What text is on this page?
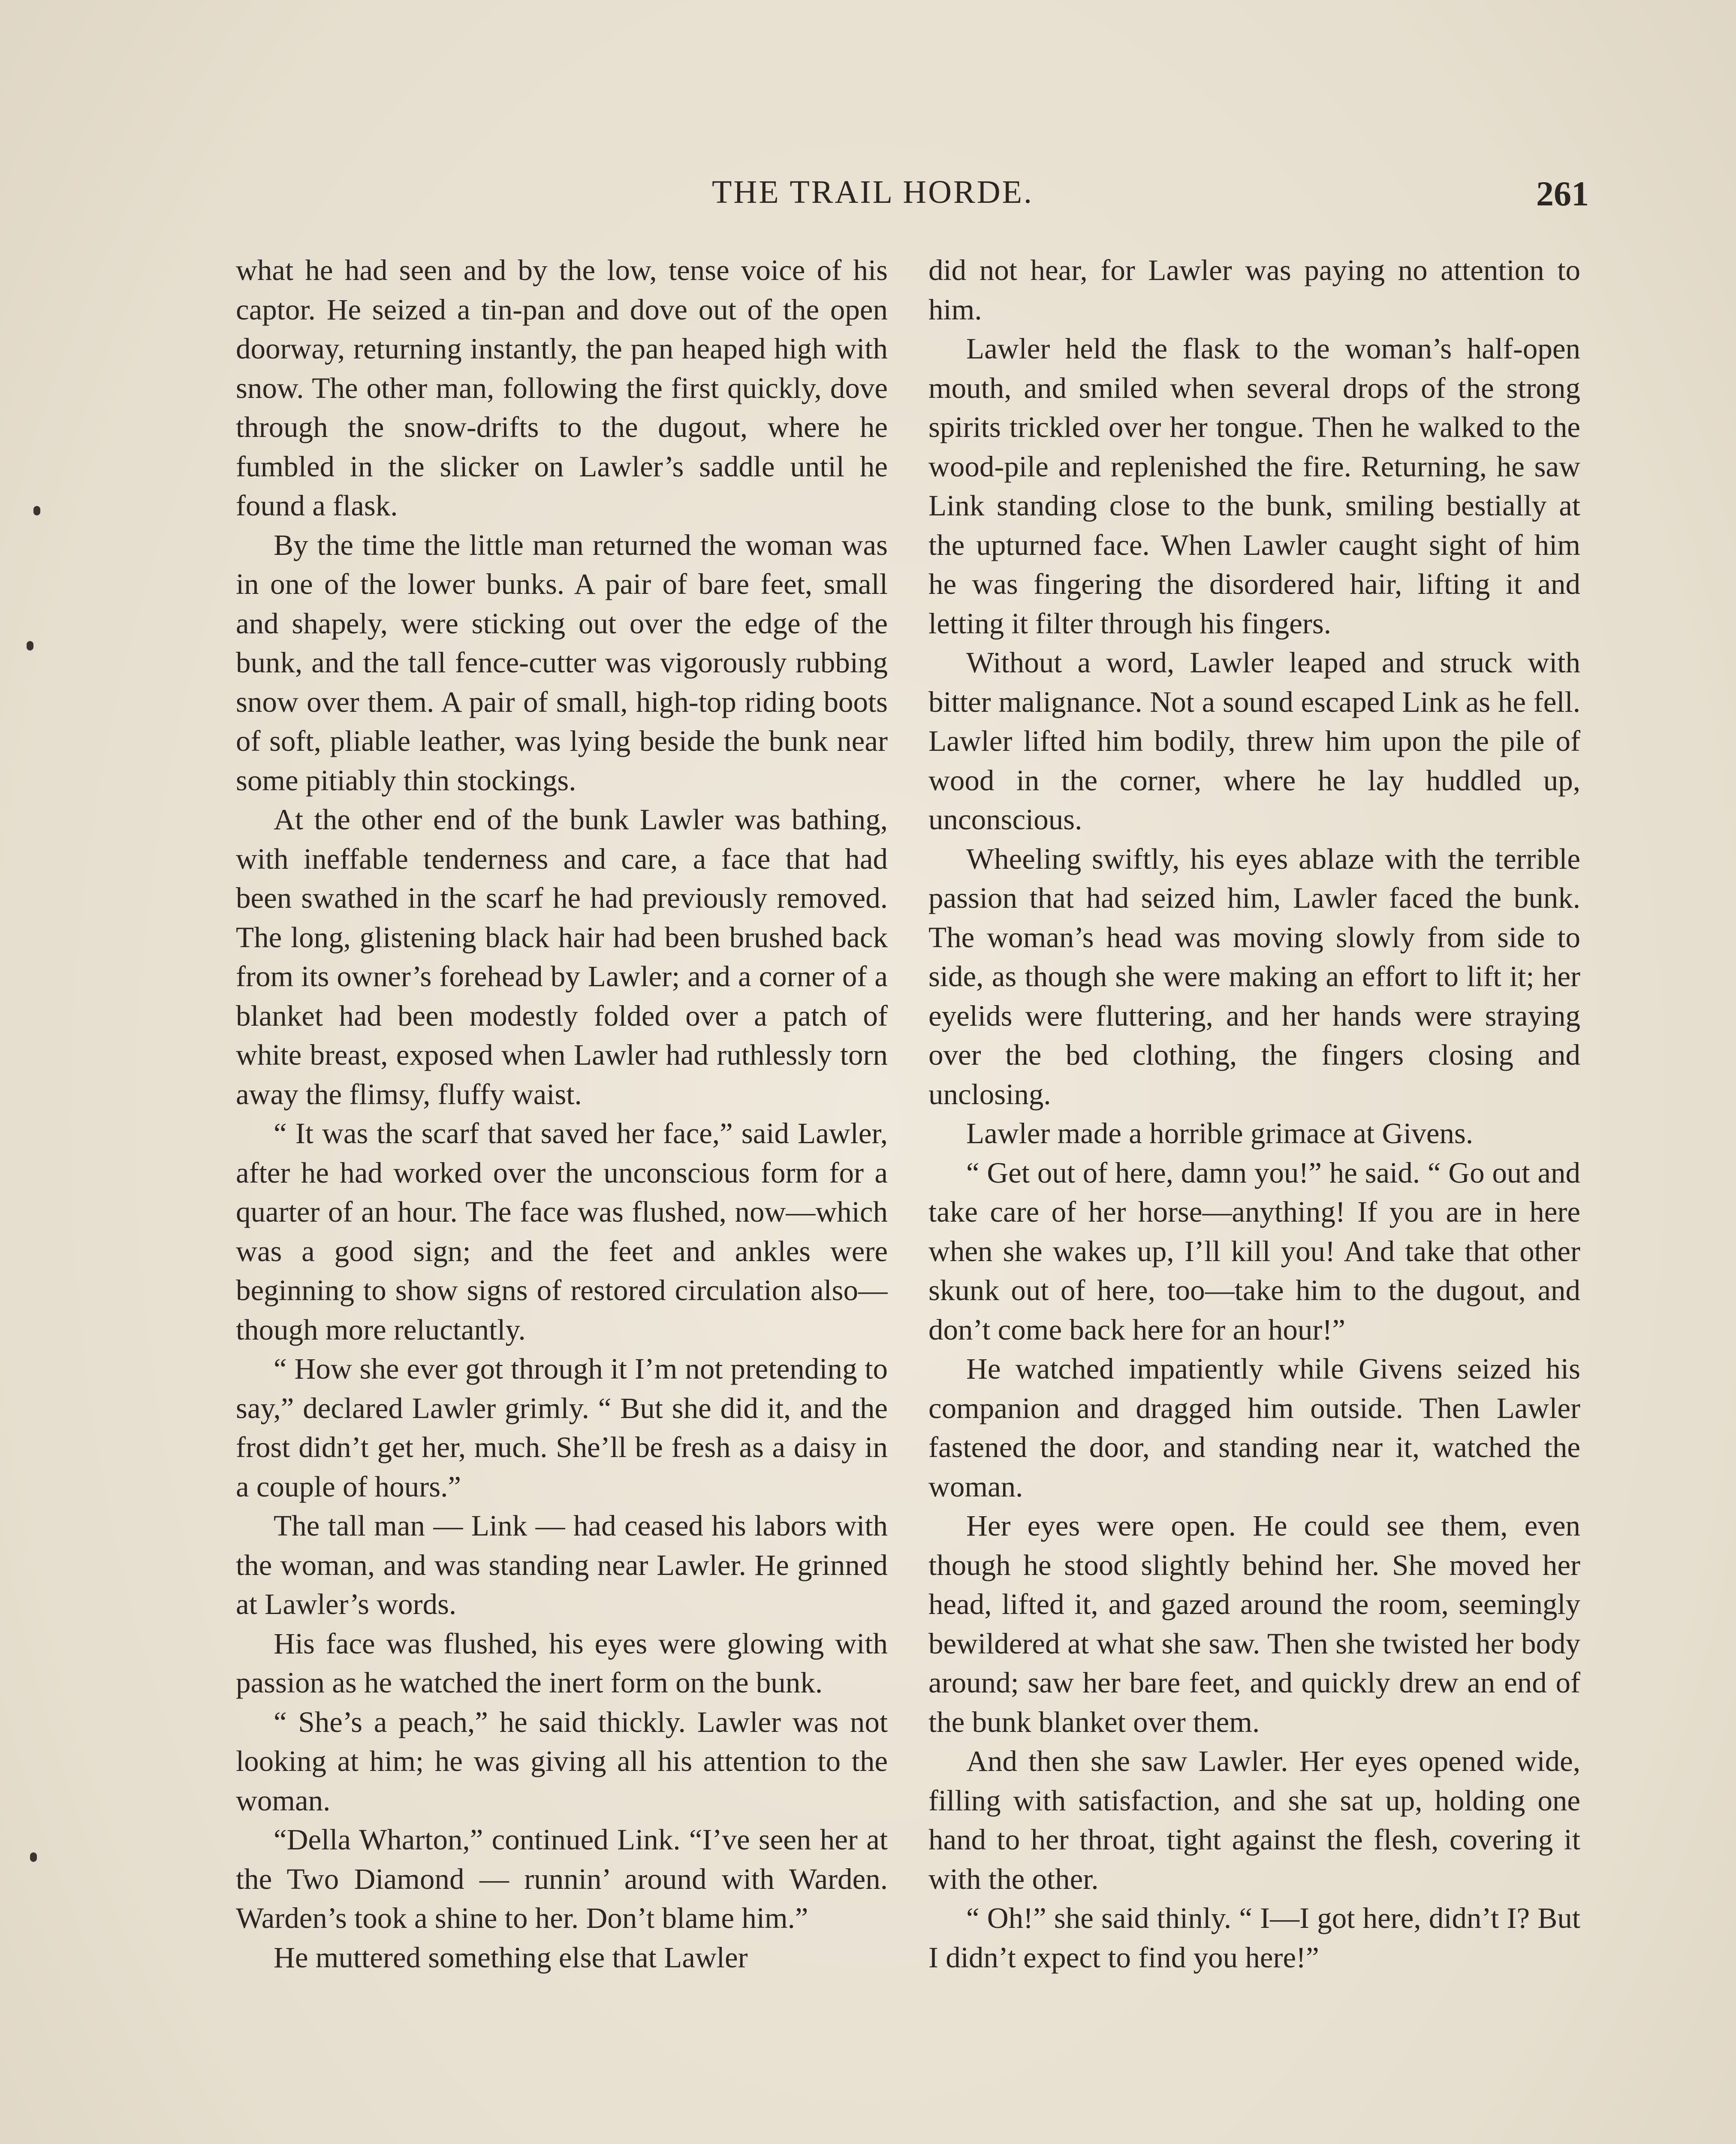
THE TRAIL HORDE.	261

what he had seen and by the low, tense voice of his captor. He seized a tin-pan and dove out of the open doorway, returning instantly, the pan heaped high with snow. The other man, following the first quickly, dove through the snow-drifts to the dugout, where he fumbled in the slicker on Lawler’s saddle until he found a flask.

By the time the little man returned the woman was in one of the lower bunks. A pair of bare feet, small and shapely, were sticking out over the edge of the bunk, and the tall fence-cutter was vigorously rubbing snow over them. A pair of small, high-top riding boots of soft, pliable leather, was lying beside the bunk near some pitiably thin stockings.

At the other end of the bunk Lawler was bathing, with ineffable tenderness and care, a face that had been swathed in the scarf he had previously removed. The long, glistening black hair had been brushed back from its owner’s forehead by Lawler; and a corner of a blanket had been modestly folded over a patch of white breast, exposed when Lawler had ruthlessly torn away the flimsy, fluffy waist.

“ It was the scarf that saved her face,” said Lawler, after he had worked over the unconscious form for a quarter of an hour. The face was flushed, now—which was a good sign; and the feet and ankles were beginning to show signs of restored circulation also—though more reluctantly.

“ How she ever got through it I’m not pretending to say,” declared Lawler grimly. “ But she did it, and the frost didn’t get her, much. She’ll be fresh as a daisy in a couple of hours.”

The tall man — Link — had ceased his labors with the woman, and was standing near Lawler. He grinned at Lawler’s words.

His face was flushed, his eyes were glowing with passion as he watched the inert form on the bunk.

“ She’s a peach,” he said thickly. Lawler was not looking at him; he was giving all his attention to the woman.

“Della Wharton,” continued Link. “I’ve seen her at the Two Diamond — runnin’ around with Warden. Warden’s took a shine to her. Don’t blame him.”

He muttered something else that Lawler

did not hear, for Lawler was paying no attention to him.

Lawler held the flask to the woman’s half-open mouth, and smiled when several drops of the strong spirits trickled over her tongue. Then he walked to the wood-pile and replenished the fire. Returning, he saw Link standing close to the bunk, smiling bestially at the upturned face. When Lawler caught sight of him he was fingering the disordered hair, lifting it and letting it filter through his fingers.

Without a word, Lawler leaped and struck with bitter malignance. Not a sound escaped Link as he fell. Lawler lifted him bodily, threw him upon the pile of wood in the corner, where he lay huddled up, unconscious.

Wheeling swiftly, his eyes ablaze with the terrible passion that had seized him, Lawler faced the bunk. The woman’s head was moving slowly from side to side, as though she were making an effort to lift it; her eyelids were fluttering, and her hands were straying over the bed clothing, the fingers closing and unclosing.

Lawler made a horrible grimace at Givens.

“ Get out of here, damn you!” he said. “ Go out and take care of her horse—anything! If you are in here when she wakes up, I’ll kill you! And take that other skunk out of here, too—take him to the dugout, and don’t come back here for an hour!”

He watched impatiently while Givens seized his companion and dragged him outside. Then Lawler fastened the door, and standing near it, watched the woman.

Her eyes were open. He could see them, even though he stood slightly behind her. She moved her head, lifted it, and gazed around the room, seemingly bewildered at what she saw. Then she twisted her body around; saw her bare feet, and quickly drew an end of the bunk blanket over them.

And then she saw Lawler. Her eyes opened wide, filling with satisfaction, and she sat up, holding one hand to her throat, tight against the flesh, covering it with the other.

“ Oh!” she said thinly. “ I—I got here, didn’t I? But I didn’t expect to find you here!”
